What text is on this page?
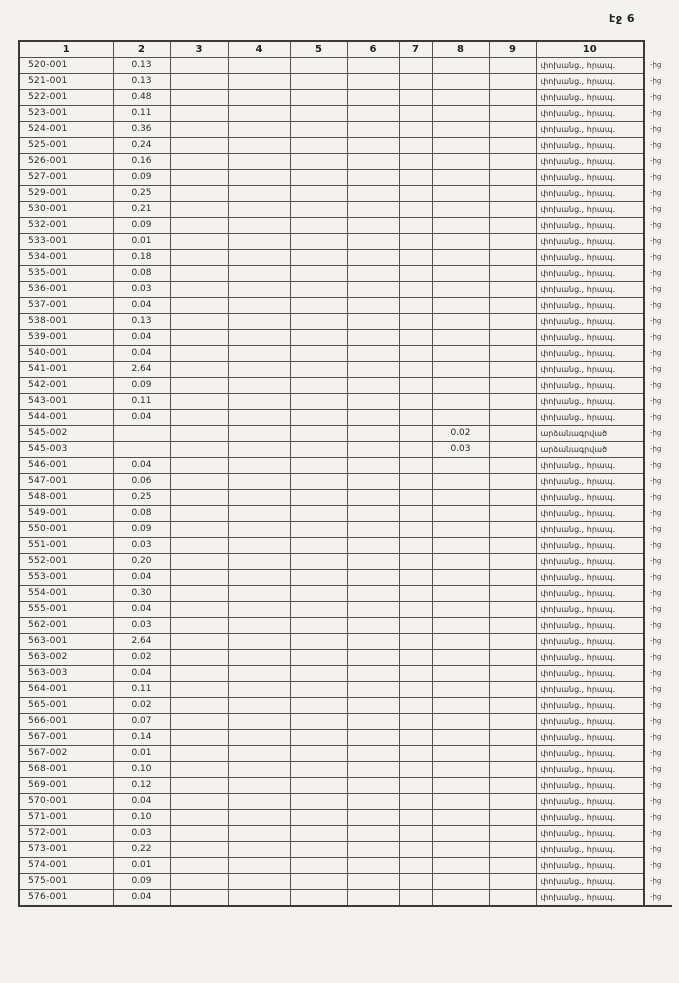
էջ 6
1	2	3	4	5	6	7	8	9	10	
520-001	0.13								փոխանց., հրապ.	-ից
521-001	0.13								փոխանց., հրապ.	-ից
522-001	0.48								փոխանց., հրապ.	-ից
523-001	0.11								փոխանց., հրապ.	-ից
524-001	0.36								փոխանց., հրապ.	-ից
525-001	0.24								փոխանց., հրապ.	-ից
526-001	0.16								փոխանց., հրապ.	-ից
527-001	0.09								փոխանց., հրապ.	-ից
529-001	0.25								փոխանց., հրապ.	-ից
530-001	0.21								փոխանց., հրապ.	-ից
532-001	0.09								փոխանց., հրապ.	-ից
533-001	0.01								փոխանց., հրապ.	-ից
534-001	0.18								փոխանց., հրապ.	-ից
535-001	0.08								փոխանց., հրապ.	-ից
536-001	0.03								փոխանց., հրապ.	-ից
537-001	0.04								փոխանց., հրապ.	-ից
538-001	0.13								փոխանց., հրապ.	-ից
539-001	0.04								փոխանց., հրապ.	-ից
540-001	0.04								փոխանց., հրապ.	-ից
541-001	2.64								փոխանց., հրապ.	-ից
542-001	0.09								փոխանց., հրապ.	-ից
543-001	0.11								փոխանց., հրապ.	-ից
544-001	0.04								փոխանց., հրապ.	-ից
545-002							0.02		արձանագրված	-ից
545-003							0.03		արձանագրված	-ից
546-001	0.04								փոխանց., հրապ.	-ից
547-001	0.06								փոխանց., հրապ.	-ից
548-001	0.25								փոխանց., հրապ.	-ից
549-001	0.08								փոխանց., հրապ.	-ից
550-001	0.09								փոխանց., հրապ.	-ից
551-001	0.03								փոխանց., հրապ.	-ից
552-001	0.20								փոխանց., հրապ.	-ից
553-001	0.04								փոխանց., հրապ.	-ից
554-001	0.30								փոխանց., հրապ.	-ից
555-001	0.04								փոխանց., հրապ.	-ից
562-001	0.03								փոխանց., հրապ.	-ից
563-001	2.64								փոխանց., հրապ.	-ից
563-002	0.02								փոխանց., հրապ.	-ից
563-003	0.04								փոխանց., հրապ.	-ից
564-001	0.11								փոխանց., հրապ.	-ից
565-001	0.02								փոխանց., հրապ.	-ից
566-001	0.07								փոխանց., հրապ.	-ից
567-001	0.14								փոխանց., հրապ.	-ից
567-002	0.01								փոխանց., հրապ.	-ից
568-001	0.10								փոխանց., հրապ.	-ից
569-001	0.12								փոխանց., հրապ.	-ից
570-001	0.04								փոխանց., հրապ.	-ից
571-001	0.10								փոխանց., հրապ.	-ից
572-001	0.03								փոխանց., հրապ.	-ից
573-001	0.22								փոխանց., հրապ.	-ից
574-001	0.01								փոխանց., հրապ.	-ից
575-001	0.09								փոխանց., հրապ.	-ից
576-001	0.04								փոխանց., հրապ.	-ից
